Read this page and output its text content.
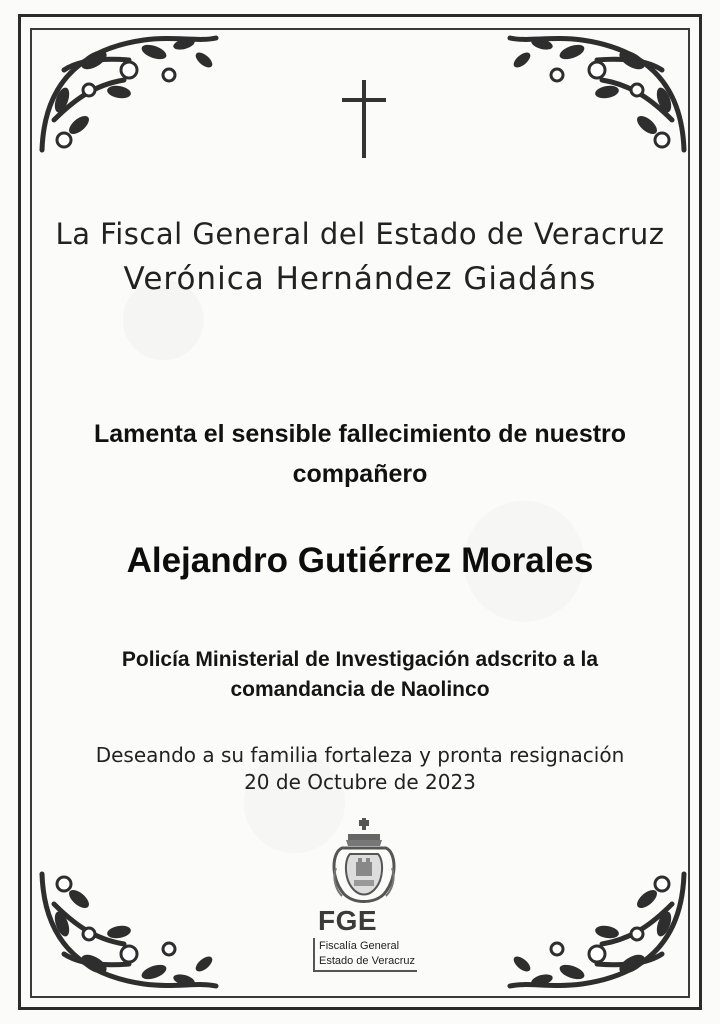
La Fiscal General del Estado de Veracruz
Verónica Hernández Giadáns
Lamenta el sensible fallecimiento de nuestro
compañero
Alejandro Gutiérrez Morales
Policía Ministerial de Investigación adscrito a la
comandancia de Naolinco
Deseando a su familia fortaleza y pronta resignación
20 de Octubre de 2023
FGE
Fiscalía General
Estado de Veracruz
